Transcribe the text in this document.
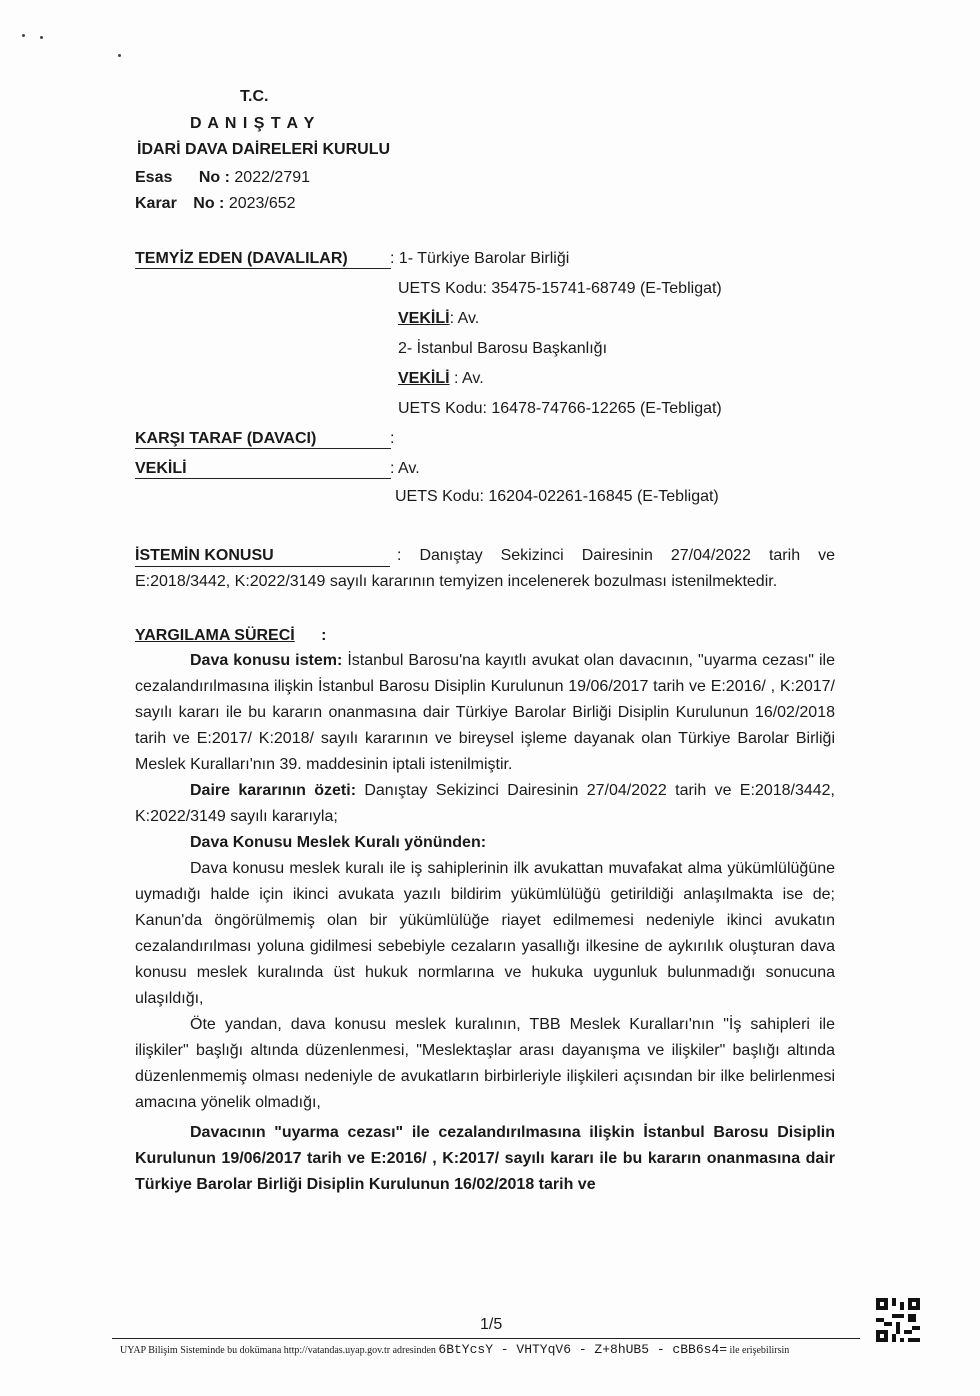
T.C.
D A N I Ş T A Y
İDARİ DAVA DAİRELERİ KURULU
Esas No : 2022/2791
Karar No : 2023/652
TEMYİZ EDEN (DAVALILAR)	: 1- Türkiye Barolar Birliği
UETS Kodu: 35475-15741-68749 (E-Tebligat)
VEKİLİ: Av.
2- İstanbul Barosu Başkanlığı
VEKİLİ : Av.
UETS Kodu: 16478-74766-12265 (E-Tebligat)
KARŞI TARAF (DAVACI)	:
VEKİLİ	: Av.
UETS Kodu: 16204-02261-16845 (E-Tebligat)
İSTEMİN KONUSU	: Danıştay Sekizinci Dairesinin 27/04/2022 tarih ve E:2018/3442, K:2022/3149 sayılı kararının temyizen incelenerek bozulması istenilmektedir.
YARGILAMA SÜRECİ :

Dava konusu istem: İstanbul Barosu'na kayıtlı avukat olan davacının, "uyarma cezası" ile cezalandırılmasına ilişkin İstanbul Barosu Disiplin Kurulunun 19/06/2017 tarih ve E:2016/ , K:2017/ sayılı kararı ile bu kararın onanmasına dair Türkiye Barolar Birliği Disiplin Kurulunun 16/02/2018 tarih ve E:2017/ K:2018/ sayılı kararının ve bireysel işleme dayanak olan Türkiye Barolar Birliği Meslek Kuralları'nın 39. maddesinin iptali istenilmiştir.

Daire kararının özeti: Danıştay Sekizinci Dairesinin 27/04/2022 tarih ve E:2018/3442, K:2022/3149 sayılı kararıyla;

Dava Konusu Meslek Kuralı yönünden:

Dava konusu meslek kuralı ile iş sahiplerinin ilk avukattan muvafakat alma yükümlülüğüne uymadığı halde için ikinci avukata yazılı bildirim yükümlülüğü getirildiği anlaşılmakta ise de; Kanun'da öngörülmemiş olan bir yükümlülüğe riayet edilmemesi nedeniyle ikinci avukatın cezalandırılması yoluna gidilmesi sebebiyle cezaların yasallığı ilkesine de aykırılık oluşturan dava konusu meslek kuralında üst hukuk normlarına ve hukuka uygunluk bulunmadığı sonucuna ulaşıldığı,

Öte yandan, dava konusu meslek kuralının, TBB Meslek Kuralları'nın "İş sahipleri ile ilişkiler" başlığı altında düzenlenmesi, "Meslektaşlar arası dayanışma ve ilişkiler" başlığı altında düzenlenmemiş olması nedeniyle de avukatların birbirleriyle ilişkileri açısından bir ilke belirlenmesi amacına yönelik olmadığı,

Davacının "uyarma cezası" ile cezalandırılmasına ilişkin İstanbul Barosu Disiplin Kurulunun 19/06/2017 tarih ve E:2016/ , K:2017/ sayılı kararı ile bu kararın onanmasına dair Türkiye Barolar Birliği Disiplin Kurulunun 16/02/2018 tarih ve

1/5
UYAP Bilişim Sisteminde bu dokümana http://vatandas.uyap.gov.tr adresinden 6BtYcsY - VHTYqV6 - Z+8hUB5 - cBB6s4= ile erişebilirsin
